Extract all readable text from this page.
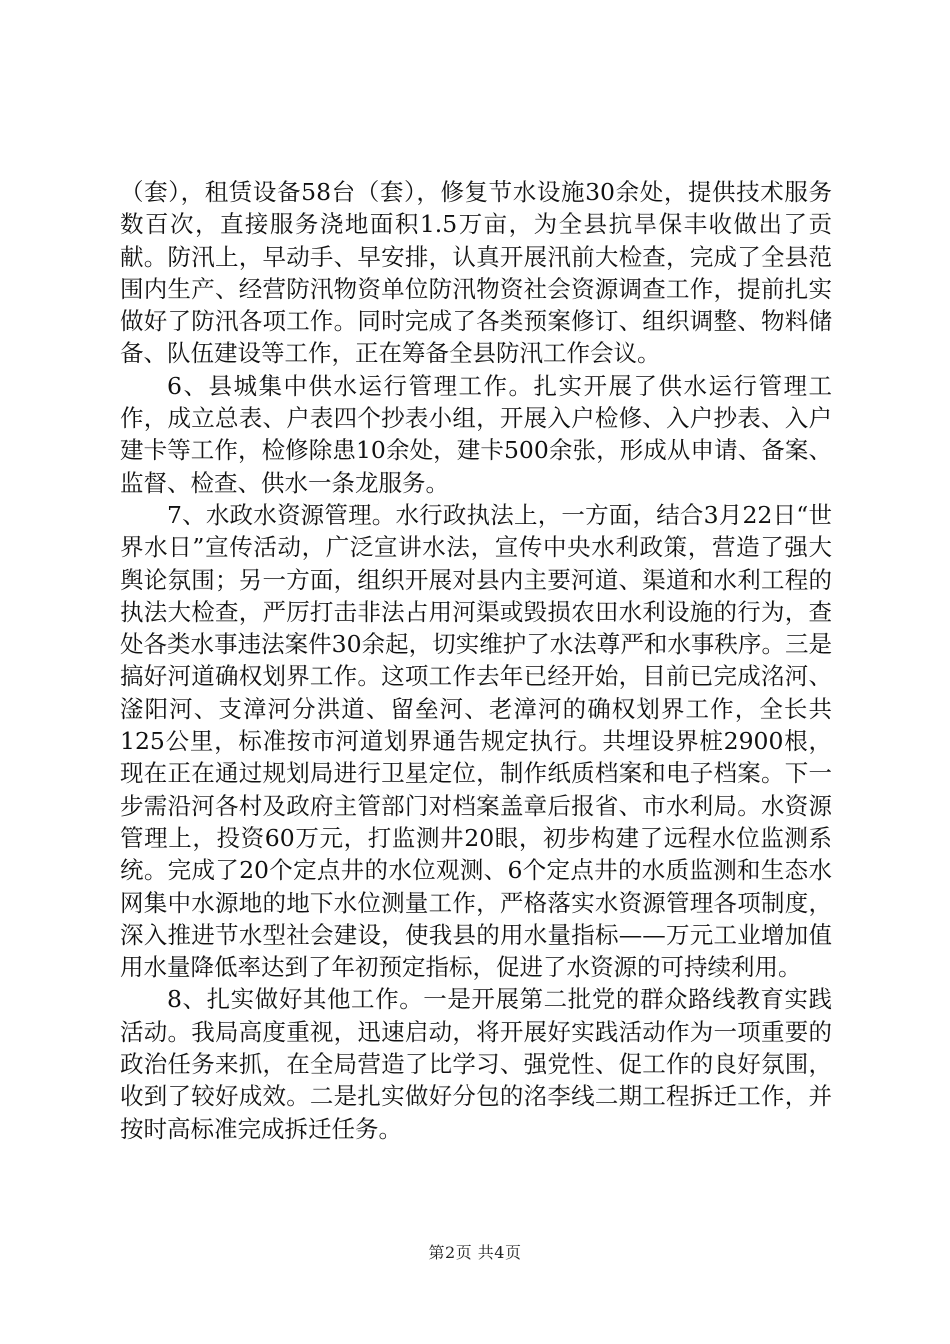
（套），租赁设备58台（套），修复节水设施30余处，提供技术服务数百次，直接服务浇地面积1.5万亩，为全县抗旱保丰收做出了贡献。防汛上，早动手、早安排，认真开展汛前大检查，完成了全县范围内生产、经营防汛物资单位防汛物资社会资源调查工作，提前扎实做好了防汛各项工作。同时完成了各类预案修订、组织调整、物料储备、队伍建设等工作，正在筹备全县防汛工作会议。

6、县城集中供水运行管理工作。扎实开展了供水运行管理工作，成立总表、户表四个抄表小组，开展入户检修、入户抄表、入户建卡等工作，检修除患10余处，建卡500余张，形成从申请、备案、监督、检查、供水一条龙服务。

7、水政水资源管理。水行政执法上，一方面，结合3月22日“世界水日”宣传活动，广泛宣讲水法，宣传中央水利政策，营造了强大舆论氛围；另一方面，组织开展对县内主要河道、渠道和水利工程的执法大检查，严厉打击非法占用河渠或毁损农田水利设施的行为，查处各类水事违法案件30余起，切实维护了水法尊严和水事秩序。三是搞好河道确权划界工作。这项工作去年已经开始，目前已完成洺河、滏阳河、支漳河分洪道、留垒河、老漳河的确权划界工作，全长共125公里，标准按市河道划界通告规定执行。共埋设界桩2900根，现在正在通过规划局进行卫星定位，制作纸质档案和电子档案。下一步需沿河各村及政府主管部门对档案盖章后报省、市水利局。水资源管理上，投资60万元，打监测井20眼，初步构建了远程水位监测系统。完成了20个定点井的水位观测、6个定点井的水质监测和生态水网集中水源地的地下水位测量工作，严格落实水资源管理各项制度，深入推进节水型社会建设，使我县的用水量指标——万元工业增加值用水量降低率达到了年初预定指标，促进了水资源的可持续利用。

8、扎实做好其他工作。一是开展第二批党的群众路线教育实践活动。我局高度重视，迅速启动，将开展好实践活动作为一项重要的政治任务来抓，在全局营造了比学习、强党性、促工作的良好氛围，收到了较好成效。二是扎实做好分包的洺李线二期工程拆迁工作，并按时高标准完成拆迁任务。

第2页 共4页
